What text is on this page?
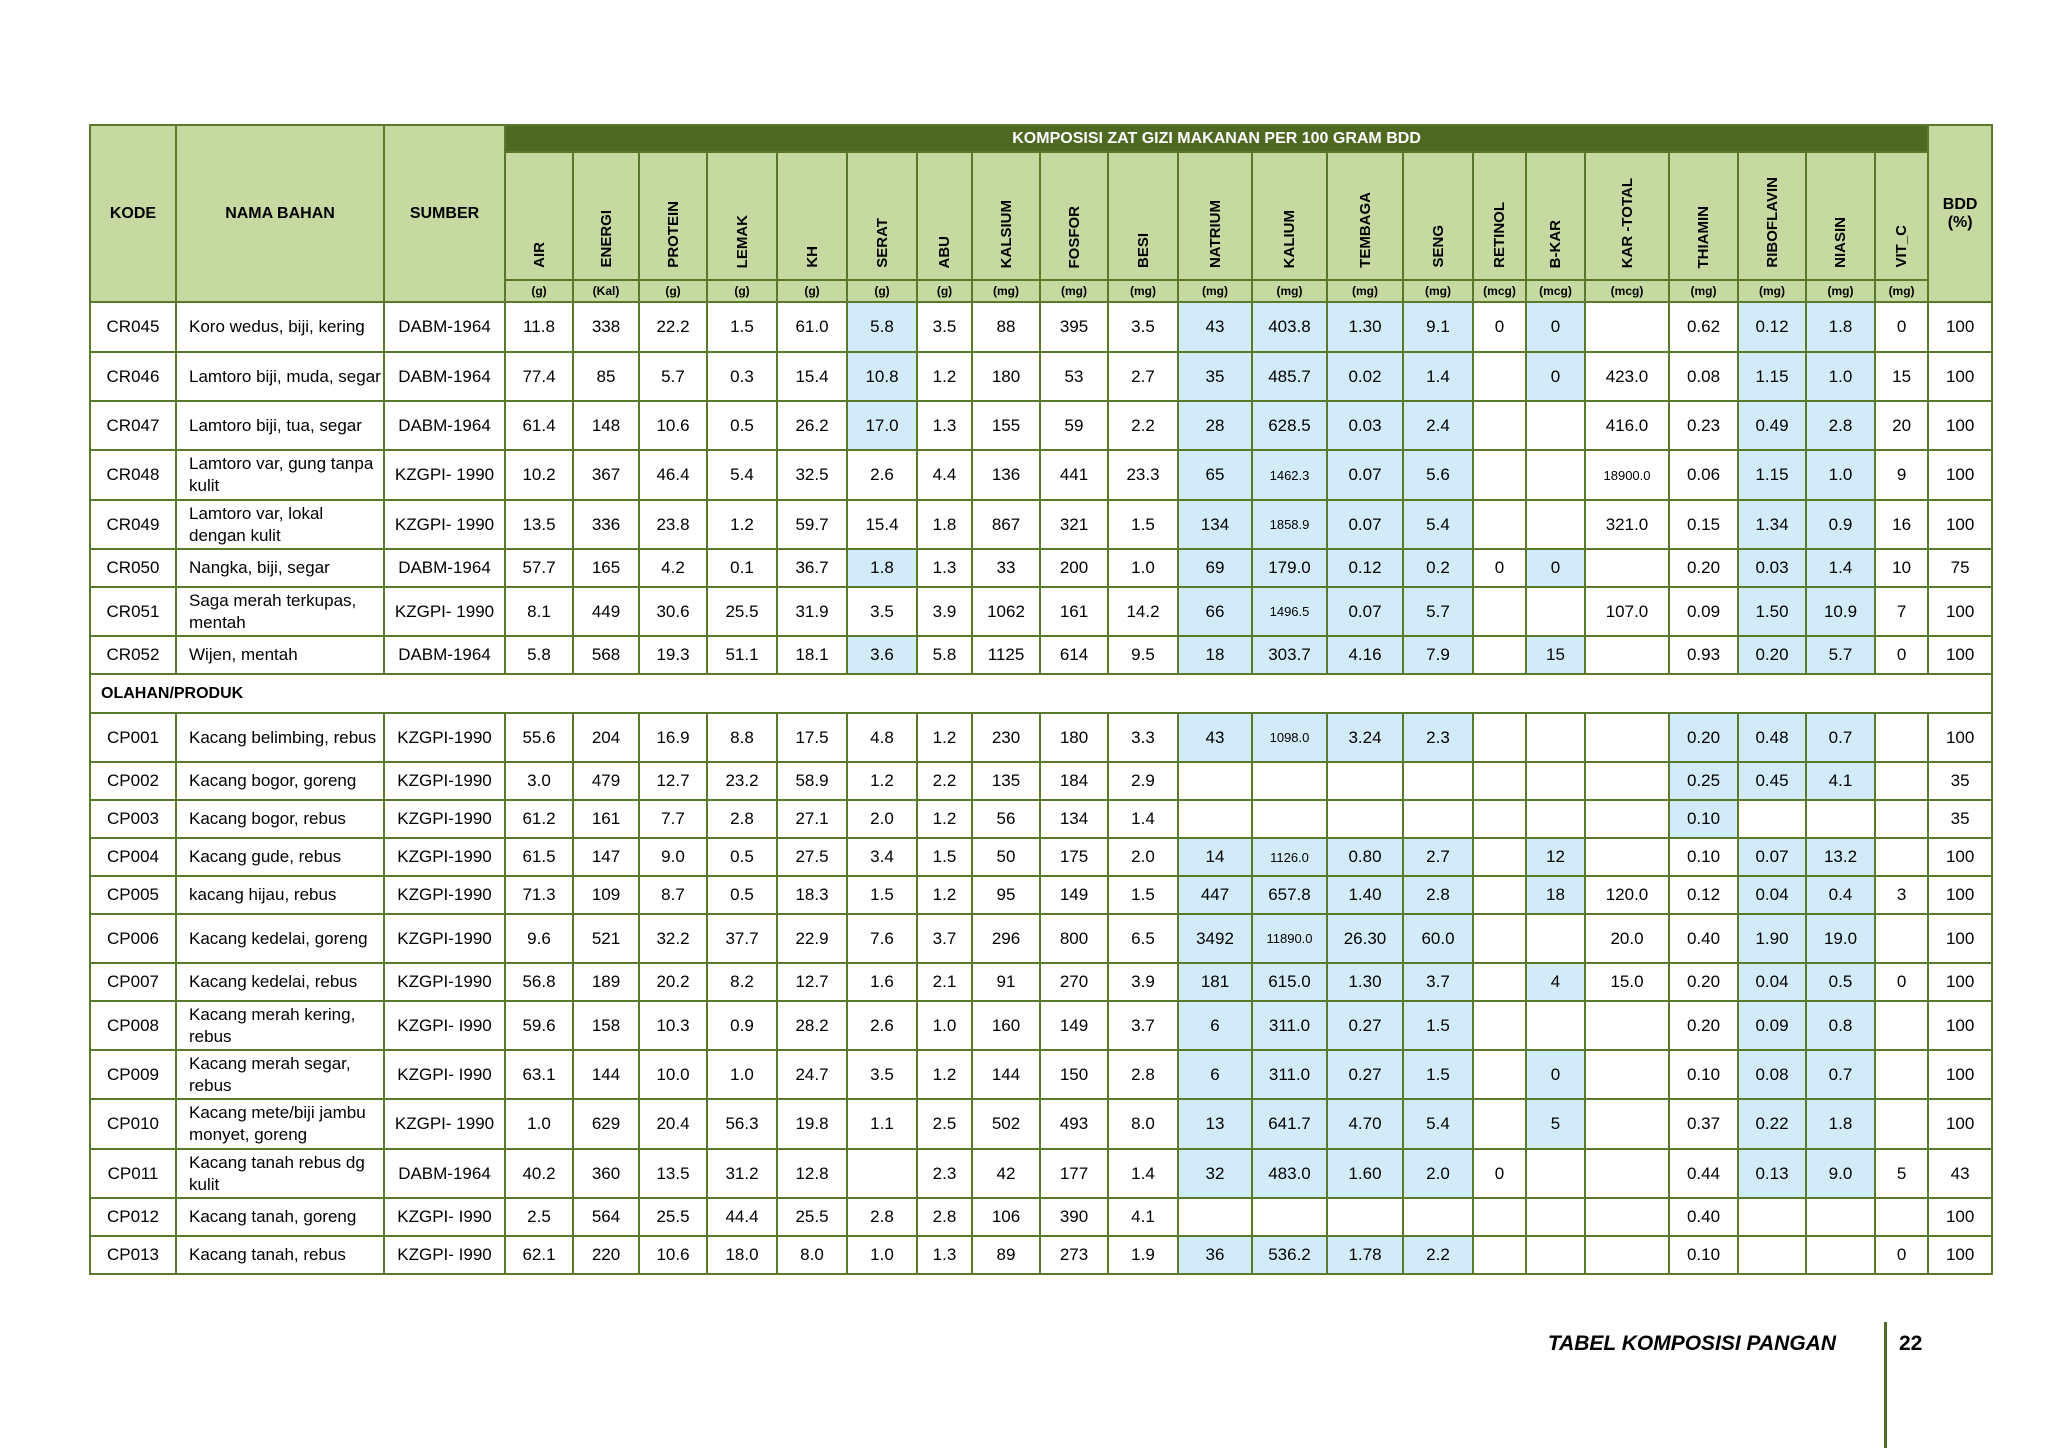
KODE	NAMA BAHAN	SUMBER	KOMPOSISI ZAT GIZI MAKANAN PER 100 GRAM BDD																					BDD (%)
			AIR	ENERGI	PROTEIN	LEMAK	KH	SERAT	ABU	KALSIUM	FOSFOR	BESI	NATRIUM	KALIUM	TEMBAGA	SENG	RETINOL	B-KAR	KAR -TOTAL	THIAMIN	RIBOFLAVIN	NIASIN	VIT_C	
			(g)	(Kal)	(g)	(g)	(g)	(g)	(g)	(mg)	(mg)	(mg)	(mg)	(mg)	(mg)	(mg)	(mcg)	(mcg)	(mcg)	(mg)	(mg)	(mg)	(mg)	
CR045	Koro wedus, biji, kering	DABM-1964	11.8	338	22.2	1.5	61.0	5.8	3.5	88	395	3.5	43	403.8	1.30	9.1	0	0		0.62	0.12	1.8	0	100
CR046	Lamtoro biji, muda, segar	DABM-1964	77.4	85	5.7	0.3	15.4	10.8	1.2	180	53	2.7	35	485.7	0.02	1.4		0	423.0	0.08	1.15	1.0	15	100
CR047	Lamtoro biji, tua, segar	DABM-1964	61.4	148	10.6	0.5	26.2	17.0	1.3	155	59	2.2	28	628.5	0.03	2.4			416.0	0.23	0.49	2.8	20	100
CR048	Lamtoro var, gung tanpa kulit	KZGPI- 1990	10.2	367	46.4	5.4	32.5	2.6	4.4	136	441	23.3	65	1462.3	0.07	5.6			18900.0	0.06	1.15	1.0	9	100
CR049	Lamtoro var, lokal dengan kulit	KZGPI- 1990	13.5	336	23.8	1.2	59.7	15.4	1.8	867	321	1.5	134	1858.9	0.07	5.4			321.0	0.15	1.34	0.9	16	100
CR050	Nangka, biji, segar	DABM-1964	57.7	165	4.2	0.1	36.7	1.8	1.3	33	200	1.0	69	179.0	0.12	0.2	0	0		0.20	0.03	1.4	10	75
CR051	Saga merah terkupas, mentah	KZGPI- 1990	8.1	449	30.6	25.5	31.9	3.5	3.9	1062	161	14.2	66	1496.5	0.07	5.7			107.0	0.09	1.50	10.9	7	100
CR052	Wijen, mentah	DABM-1964	5.8	568	19.3	51.1	18.1	3.6	5.8	1125	614	9.5	18	303.7	4.16	7.9		15		0.93	0.20	5.7	0	100
OLAHAN/PRODUK																								
CP001	Kacang belimbing, rebus	KZGPI-1990	55.6	204	16.9	8.8	17.5	4.8	1.2	230	180	3.3	43	1098.0	3.24	2.3				0.20	0.48	0.7		100
CP002	Kacang bogor, goreng	KZGPI-1990	3.0	479	12.7	23.2	58.9	1.2	2.2	135	184	2.9								0.25	0.45	4.1		35
CP003	Kacang bogor, rebus	KZGPI-1990	61.2	161	7.7	2.8	27.1	2.0	1.2	56	134	1.4								0.10				35
CP004	Kacang gude, rebus	KZGPI-1990	61.5	147	9.0	0.5	27.5	3.4	1.5	50	175	2.0	14	1126.0	0.80	2.7		12		0.10	0.07	13.2		100
CP005	kacang hijau, rebus	KZGPI-1990	71.3	109	8.7	0.5	18.3	1.5	1.2	95	149	1.5	447	657.8	1.40	2.8		18	120.0	0.12	0.04	0.4	3	100
CP006	Kacang kedelai, goreng	KZGPI-1990	9.6	521	32.2	37.7	22.9	7.6	3.7	296	800	6.5	3492	11890.0	26.30	60.0			20.0	0.40	1.90	19.0		100
CP007	Kacang kedelai, rebus	KZGPI-1990	56.8	189	20.2	8.2	12.7	1.6	2.1	91	270	3.9	181	615.0	1.30	3.7		4	15.0	0.20	0.04	0.5	0	100
CP008	Kacang merah kering, rebus	KZGPI- I990	59.6	158	10.3	0.9	28.2	2.6	1.0	160	149	3.7	6	311.0	0.27	1.5				0.20	0.09	0.8		100
CP009	Kacang merah segar, rebus	KZGPI- I990	63.1	144	10.0	1.0	24.7	3.5	1.2	144	150	2.8	6	311.0	0.27	1.5		0		0.10	0.08	0.7		100
CP010	Kacang mete/biji jambu monyet, goreng	KZGPI- 1990	1.0	629	20.4	56.3	19.8	1.1	2.5	502	493	8.0	13	641.7	4.70	5.4		5		0.37	0.22	1.8		100
CP011	Kacang tanah rebus dg kulit	DABM-1964	40.2	360	13.5	31.2	12.8		2.3	42	177	1.4	32	483.0	1.60	2.0	0			0.44	0.13	9.0	5	43
CP012	Kacang tanah, goreng	KZGPI- I990	2.5	564	25.5	44.4	25.5	2.8	2.8	106	390	4.1								0.40				100
CP013	Kacang tanah, rebus	KZGPI- I990	62.1	220	10.6	18.0	8.0	1.0	1.3	89	273	1.9	36	536.2	1.78	2.2				0.10			0	100
TABEL KOMPOSISI PANGAN	22
